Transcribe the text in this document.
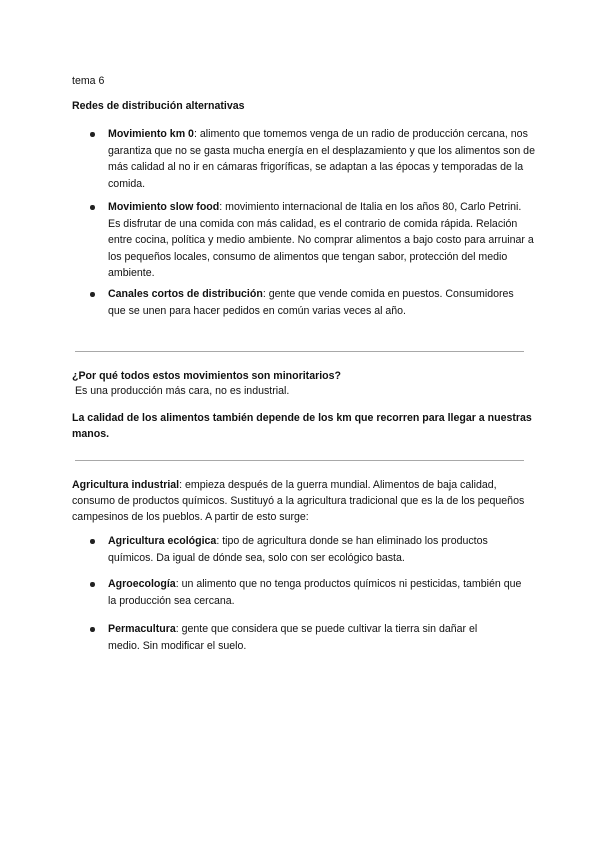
tema 6

Redes de distribución alternativas

Movimiento km 0: alimento que tomemos venga de un radio de producción cercana, nos garantiza que no se gasta mucha energía en el desplazamiento y que los alimentos son de más calidad al no ir en cámaras frigoríficas, se adaptan a las épocas y temporadas de la comida.
Movimiento slow food: movimiento internacional de Italia en los años 80, Carlo Petrini. Es disfrutar de una comida con más calidad, es el contrario de comida rápida. Relación entre cocina, política y medio ambiente. No comprar alimentos a bajo costo para arruinar a los pequeños locales, consumo de alimentos que tengan sabor, protección del medio ambiente.
Canales cortos de distribución: gente que vende comida en puestos. Consumidores que se unen para hacer pedidos en común varias veces al año.

¿Por qué todos estos movimientos son minoritarios?

Es una producción más cara, no es industrial.

La calidad de los alimentos también depende de los km que recorren para llegar a nuestras manos.

Agricultura industrial: empieza después de la guerra mundial. Alimentos de baja calidad, consumo de productos químicos. Sustituyó a la agricultura tradicional que es la de los pequeños campesinos de los pueblos. A partir de esto surge:

Agricultura ecológica: tipo de agricultura donde se han eliminado los productos químicos. Da igual de dónde sea, solo con ser ecológico basta.
Agroecología: un alimento que no tenga productos químicos ni pesticidas, también que la producción sea cercana.
Permacultura: gente que considera que se puede cultivar la tierra sin dañar el medio. Sin modificar el suelo.
